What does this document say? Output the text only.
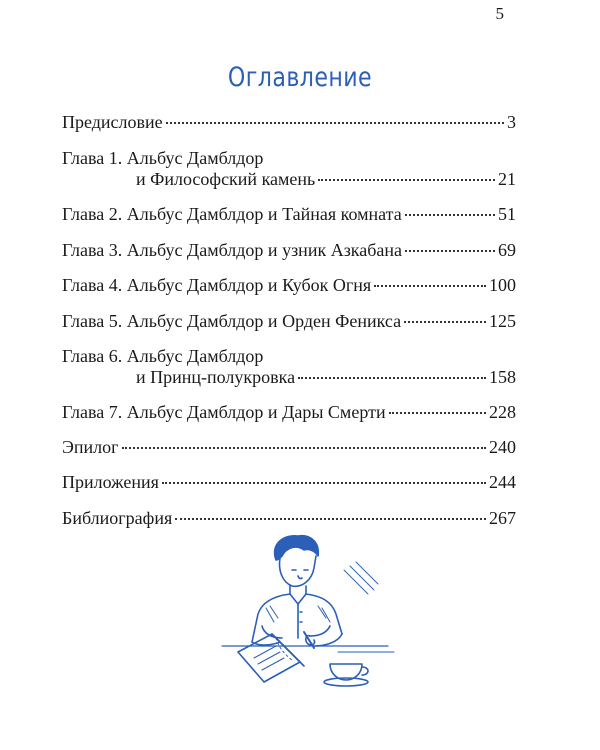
5
Оглавление
Предисловие	3
Глава 1. Альбус Дамблдор
и Философский камень	21
Глава 2. Альбус Дамблдор и Тайная комната	51
Глава 3. Альбус Дамблдор и узник Азкабана	69
Глава 4. Альбус Дамблдор и Кубок Огня	100
Глава 5. Альбус Дамблдор и Орден Феникса	125
Глава 6. Альбус Дамблдор
и Принц-полукровка	158
Глава 7. Альбус Дамблдор и Дары Смерти	228
Эпилог	240
Приложения	244
Библиография	267
